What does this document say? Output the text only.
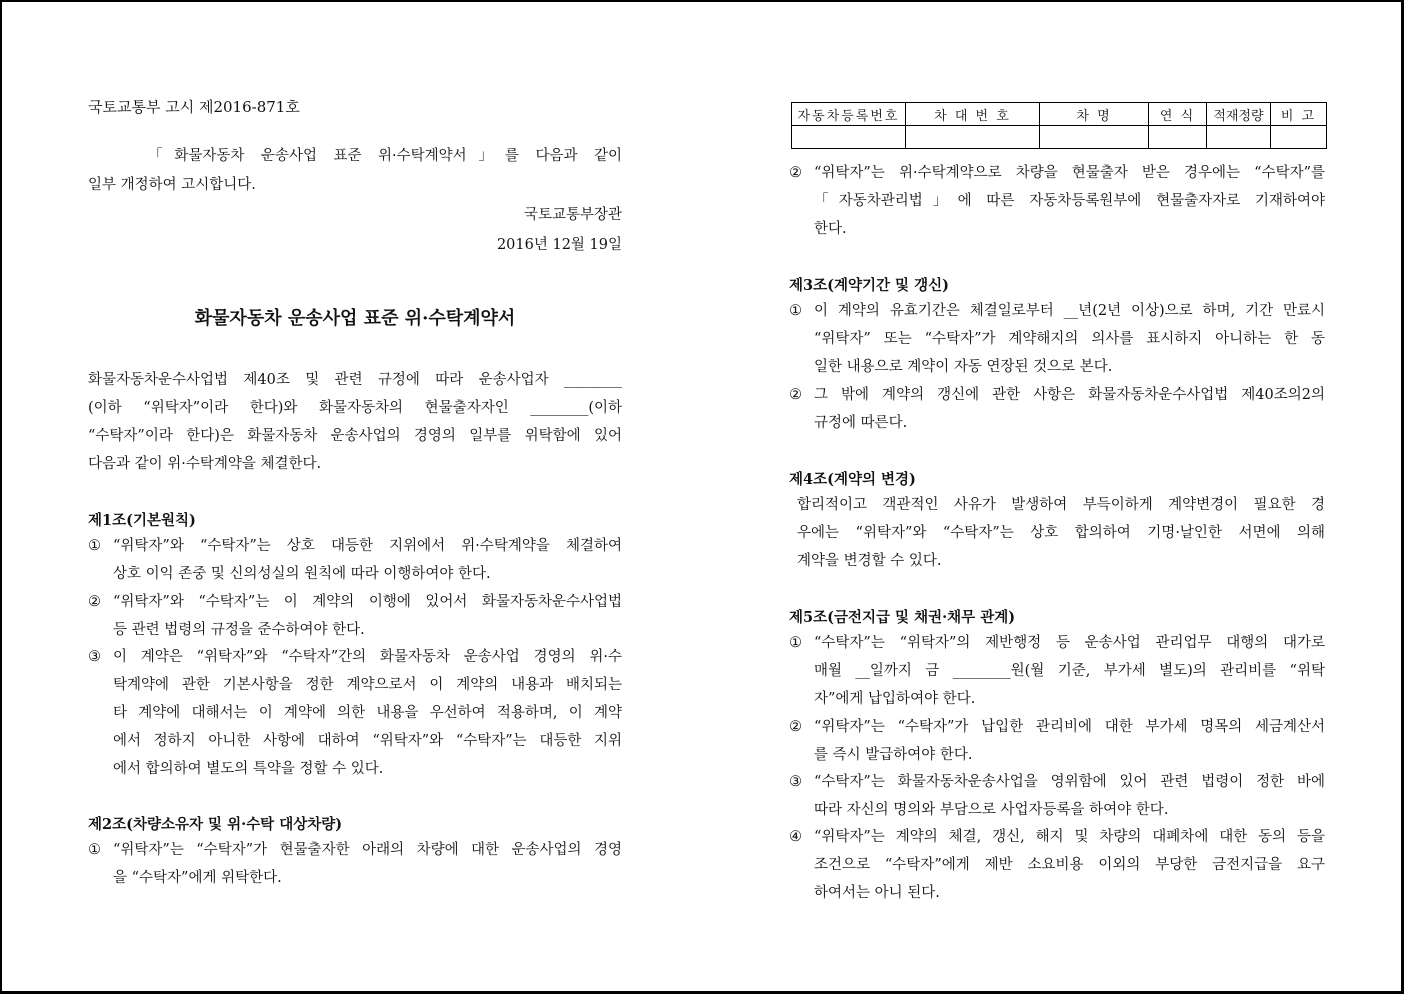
국토교통부 고시 제2016-871호
「화물자동차 운송사업 표준 위·수탁계약서」를 다음과 같이
일부 개정하여 고시합니다.
국토교통부장관
2016년 12월 19일
화물자동차 운송사업 표준 위·수탁계약서
화물자동차운수사업법 제40조 및 관련 규정에 따라 운송사업자 ________
(이하 “위탁자”이라 한다)와 화물자동차의 현물출자자인 ________(이하
“수탁자”이라 한다)은 화물자동차 운송사업의 경영의 일부를 위탁함에 있어
다음과 같이 위·수탁계약을 체결한다.
제1조(기본원칙)
① “위탁자”와 “수탁자”는 상호 대등한 지위에서 위·수탁계약을 체결하여
상호 이익 존중 및 신의성실의 원칙에 따라 이행하여야 한다.
② “위탁자”와 “수탁자”는 이 계약의 이행에 있어서 화물자동차운수사업법
등 관련 법령의 규정을 준수하여야 한다.
③ 이 계약은 “위탁자”와 “수탁자”간의 화물자동차 운송사업 경영의 위·수
탁계약에 관한 기본사항을 정한 계약으로서 이 계약의 내용과 배치되는
타 계약에 대해서는 이 계약에 의한 내용을 우선하여 적용하며, 이 계약
에서 정하지 아니한 사항에 대하여 “위탁자”와 “수탁자”는 대등한 지위
에서 합의하여 별도의 특약을 정할 수 있다.
제2조(차량소유자 및 위·수탁 대상차량)
① “위탁자”는 “수탁자”가 현물출자한 아래의 차량에 대한 운송사업의 경영
을 “수탁자”에게 위탁한다.
자동차등록번호	차 대 번 호	차 명	연 식	적재정량	비 고

② “위탁자”는 위·수탁계약으로 차량을 현물출자 받은 경우에는 “수탁자”를
「자동차관리법」에 따른 자동차등록원부에 현물출자자로 기재하여야
한다.
제3조(계약기간 및 갱신)
① 이 계약의 유효기간은 체결일로부터 __년(2년 이상)으로 하며, 기간 만료시
“위탁자” 또는 “수탁자”가 계약해지의 의사를 표시하지 아니하는 한 동
일한 내용으로 계약이 자동 연장된 것으로 본다.
② 그 밖에 계약의 갱신에 관한 사항은 화물자동차운수사업법 제40조의2의
규정에 따른다.
제4조(계약의 변경)
합리적이고 객관적인 사유가 발생하여 부득이하게 계약변경이 필요한 경
우에는 “위탁자”와 “수탁자”는 상호 합의하여 기명·날인한 서면에 의해
계약을 변경할 수 있다.
제5조(금전지급 및 채권·채무 관계)
① “수탁자”는 “위탁자”의 제반행정 등 운송사업 관리업무 대행의 대가로
매월 __일까지 금 ________원(월 기준, 부가세 별도)의 관리비를 “위탁
자”에게 납입하여야 한다.
② “위탁자”는 “수탁자”가 납입한 관리비에 대한 부가세 명목의 세금계산서
를 즉시 발급하여야 한다.
③ “수탁자”는 화물자동차운송사업을 영위함에 있어 관련 법령이 정한 바에
따라 자신의 명의와 부담으로 사업자등록을 하여야 한다.
④ “위탁자”는 계약의 체결, 갱신, 해지 및 차량의 대폐차에 대한 동의 등을
조건으로 “수탁자”에게 제반 소요비용 이외의 부당한 금전지급을 요구
하여서는 아니 된다.
